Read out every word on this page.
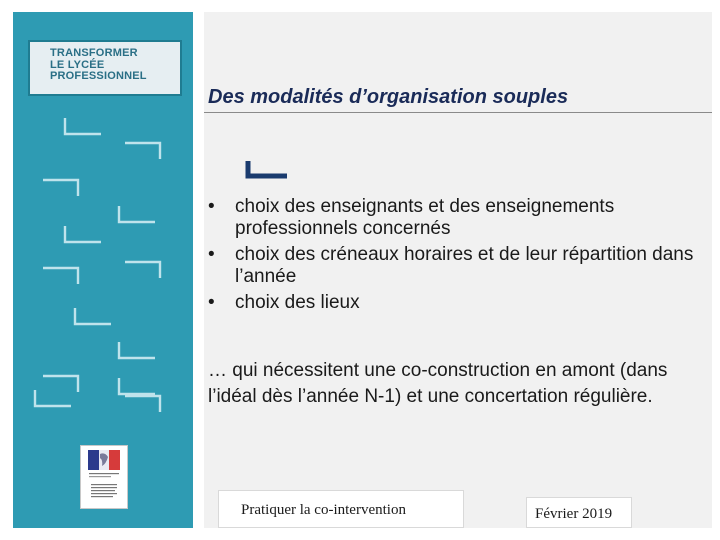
TRANSFORMER
LE LYCÉE
PROFESSIONNEL
Des modalités d’organisation souples
• choix des enseignants et des enseignements professionnels concernés
• choix des créneaux horaires et de leur répartition dans l’année
• choix des lieux
… qui nécessitent une co-construction en amont (dans l’idéal dès l’année N-1) et une concertation régulière.
Pratiquer la co-intervention	Février 2019
